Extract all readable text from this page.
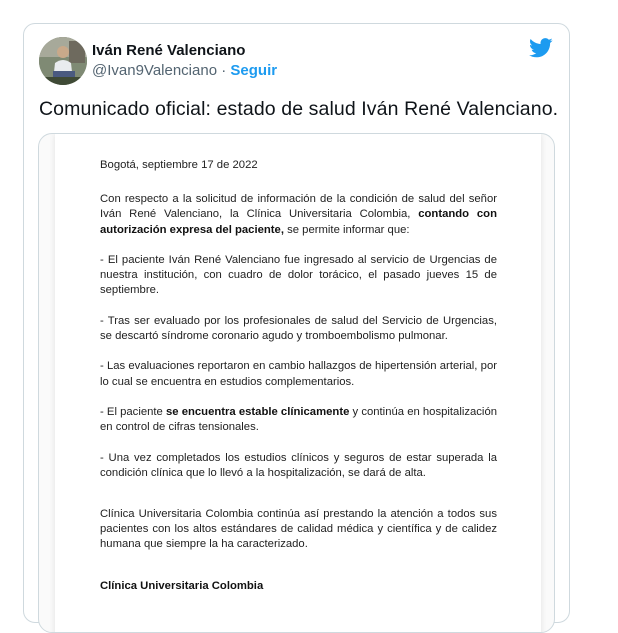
Iván René Valenciano
@Ivan9Valenciano · Seguir
Comunicado oficial: estado de salud Iván René Valenciano.

Bogotá, septiembre 17 de 2022

Con respecto a la solicitud de información de la condición de salud del señor Iván René Valenciano, la Clínica Universitaria Colombia, contando con autorización expresa del paciente, se permite informar que:

- El paciente Iván René Valenciano fue ingresado al servicio de Urgencias de nuestra institución, con cuadro de dolor torácico, el pasado jueves 15 de septiembre.

- Tras ser evaluado por los profesionales de salud del Servicio de Urgencias, se descartó síndrome coronario agudo y tromboembolismo pulmonar.

- Las evaluaciones reportaron en cambio hallazgos de hipertensión arterial, por lo cual se encuentra en estudios complementarios.

- El paciente se encuentra estable clínicamente y continúa en hospitalización en control de cifras tensionales.

- Una vez completados los estudios clínicos y seguros de estar superada la condición clínica que lo llevó a la hospitalización, se dará de alta.

Clínica Universitaria Colombia continúa así prestando la atención a todos sus pacientes con los altos estándares de calidad médica y científica y de calidez humana que siempre la ha caracterizado.

Clínica Universitaria Colombia
